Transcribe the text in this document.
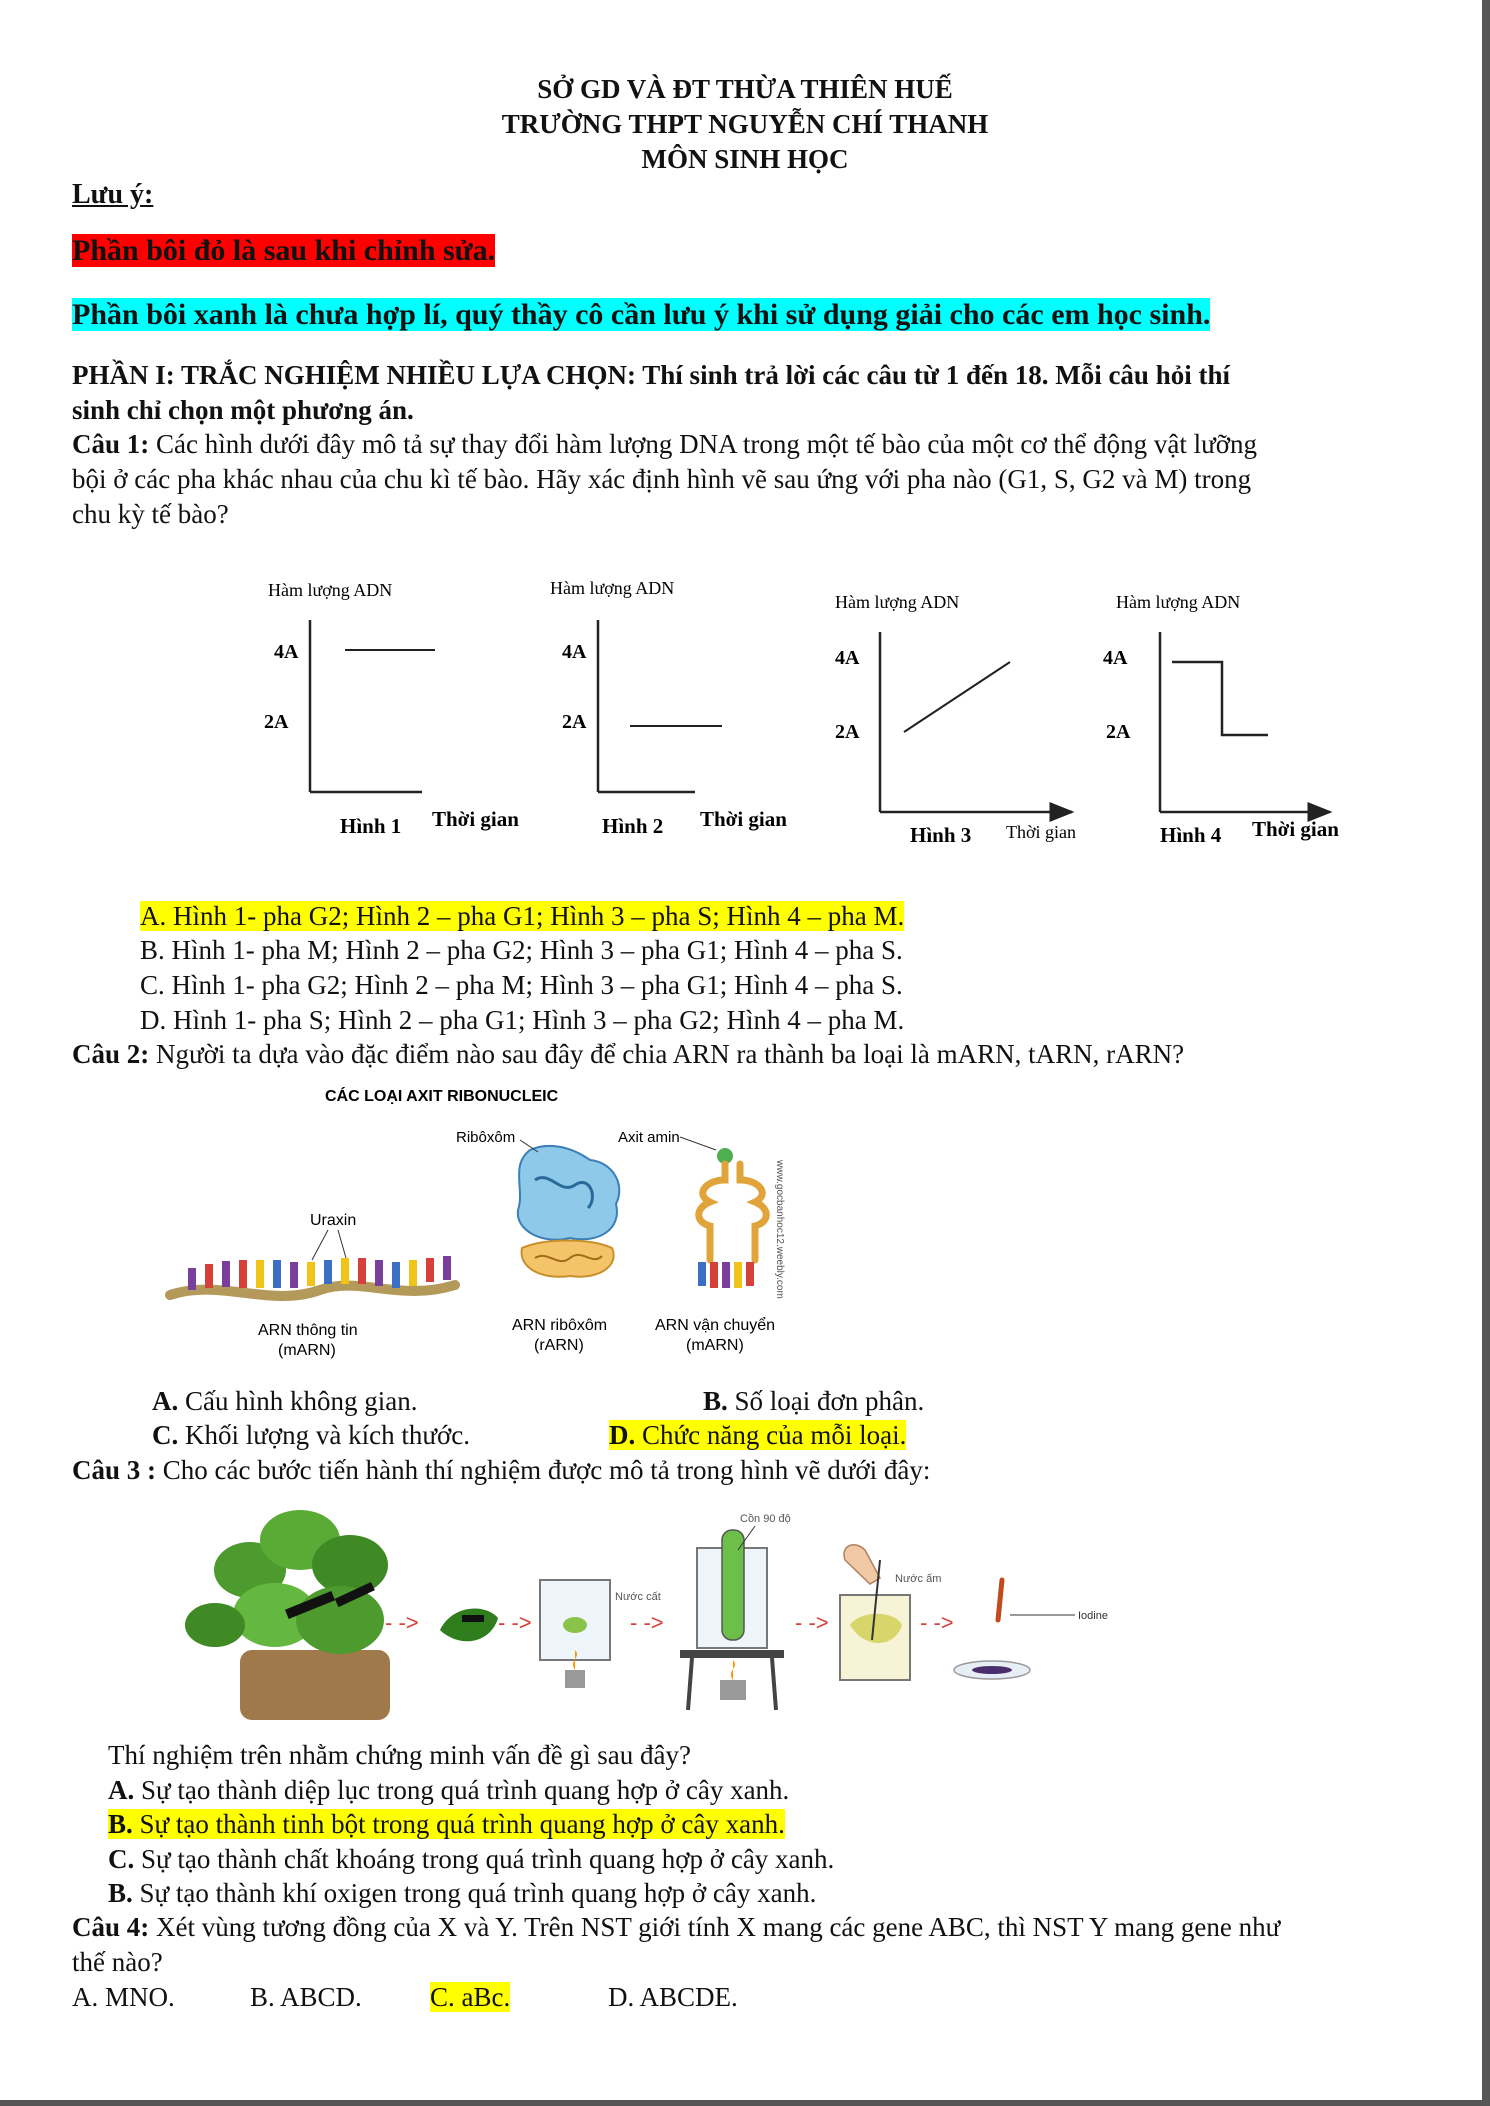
SỞ GD VÀ ĐT THỪA THIÊN HUẾ
TRƯỜNG THPT NGUYỄN CHÍ THANH
MÔN SINH HỌC
Lưu ý:
Phần bôi đỏ là sau khi chỉnh sửa.
Phần bôi xanh là chưa hợp lí, quý thầy cô cần lưu ý khi sử dụng giải cho các em học sinh.
PHẦN I: TRẮC NGHIỆM NHIỀU LỰA CHỌN: Thí sinh trả lời các câu từ 1 đến 18. Mỗi câu hỏi thí
sinh chỉ chọn một phương án.
Câu 1: Các hình dưới đây mô tả sự thay đổi hàm lượng DNA trong một tế bào của một cơ thể động vật lưỡng
bội ở các pha khác nhau của chu kì tế bào. Hãy xác định hình vẽ sau ứng với pha nào (G1, S, G2 và M) trong
chu kỳ tế bào?
Hàm lượng ADN
4A
2A
Hình 1 Thời gian
Hàm lượng ADN
4A
2A
Hình 2 Thời gian
Hàm lượng ADN
4A
2A
Hình 3 Thời gian
Hàm lượng ADN
4A
2A
Hình 4 Thời gian
A. Hình 1- pha G2; Hình 2 – pha G1; Hình 3 – pha S; Hình 4 – pha M.
B. Hình 1- pha M; Hình 2 – pha G2; Hình 3 – pha G1; Hình 4 – pha S.
C. Hình 1- pha G2; Hình 2 – pha M; Hình 3 – pha G1; Hình 4 – pha S.
D. Hình 1- pha S; Hình 2 – pha G1; Hình 3 – pha G2; Hình 4 – pha M.
Câu 2: Người ta dựa vào đặc điểm nào sau đây để chia ARN ra thành ba loại là mARN, tARN, rARN?
CÁC LOẠI AXIT RIBONUCLEIC
Uraxin
ARN thông tin
(mARN)
Ribôxôm
ARN ribôxôm
(rARN)
Axit amin
ARN vận chuyển
(mARN)
www.gocbanhoc12.weebly.com
A. Cấu hình không gian.	B. Số loại đơn phân.
C. Khối lượng và kích thước.	D. Chức năng của mỗi loại.
Câu 3 : Cho các bước tiến hành thí nghiệm được mô tả trong hình vẽ dưới đây:
- ->	- ->
Nước cất
- ->
Cồn 90 độ
- ->
Nước ấm
- ->	Iodine
Thí nghiệm trên nhằm chứng minh vấn đề gì sau đây?
A. Sự tạo thành diệp lục trong quá trình quang hợp ở cây xanh.
B. Sự tạo thành tinh bột trong quá trình quang hợp ở cây xanh.
C. Sự tạo thành chất khoáng trong quá trình quang hợp ở cây xanh.
B. Sự tạo thành khí oxigen trong quá trình quang hợp ở cây xanh.
Câu 4: Xét vùng tương đồng của X và Y. Trên NST giới tính X mang các gene ABC, thì NST Y mang gene như
thế nào?
A. MNO.	B. ABCD.	C. aBc.	D. ABCDE.
